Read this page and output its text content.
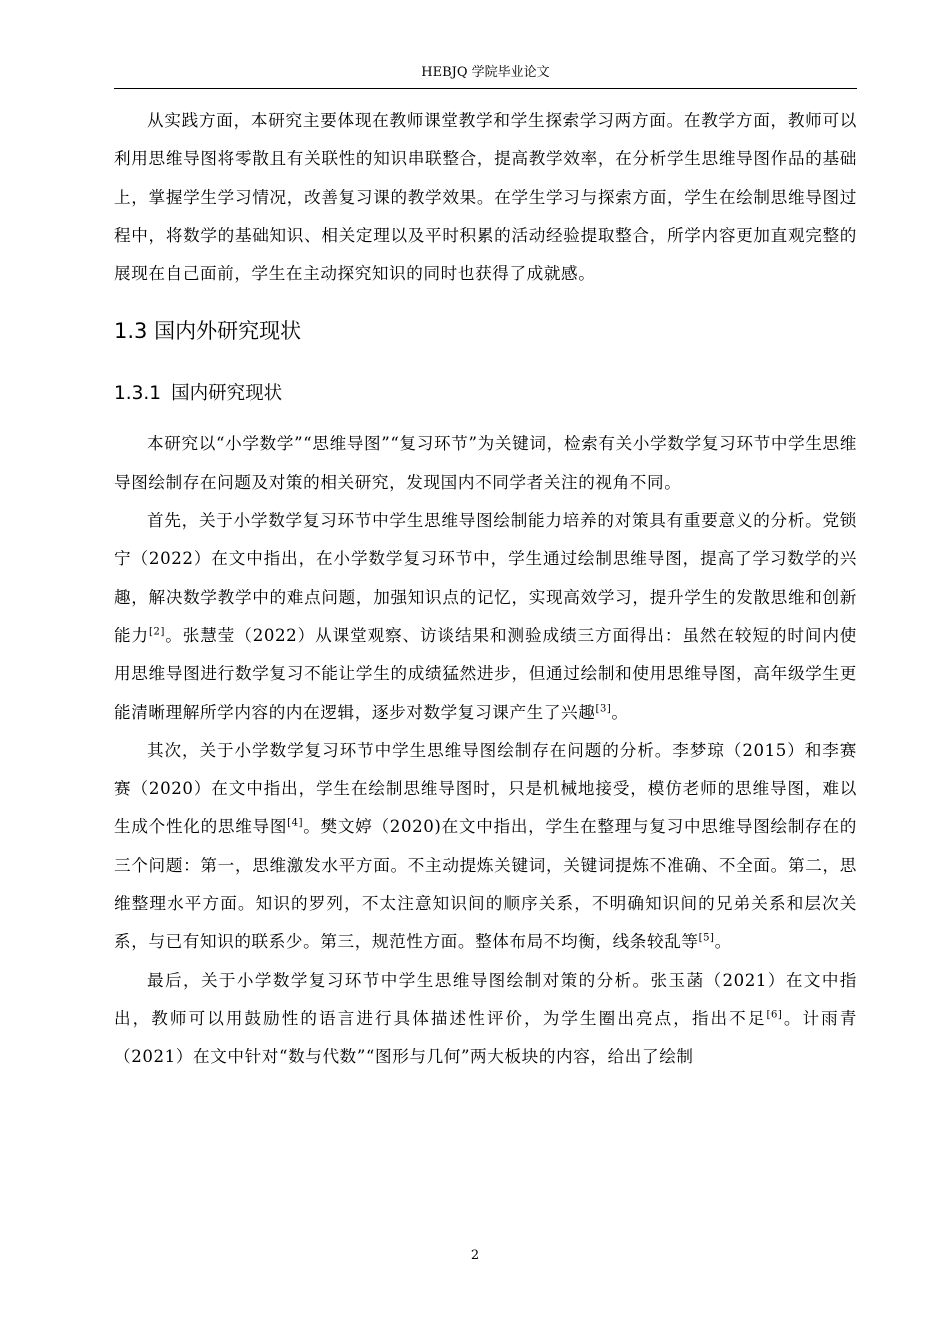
HEBJQ 学院毕业论文

从实践方面，本研究主要体现在教师课堂教学和学生探索学习两方面。在教学方面，教师可以利用思维导图将零散且有关联性的知识串联整合，提高教学效率，在分析学生思维导图作品的基础上，掌握学生学习情况，改善复习课的教学效果。在学生学习与探索方面，学生在绘制思维导图过程中，将数学的基础知识、相关定理以及平时积累的活动经验提取整合，所学内容更加直观完整的展现在自己面前，学生在主动探究知识的同时也获得了成就感。

1.3 国内外研究现状
1.3.1 国内研究现状

本研究以“小学数学”“思维导图”“复习环节”为关键词，检索有关小学数学复习环节中学生思维导图绘制存在问题及对策的相关研究，发现国内不同学者关注的视角不同。

首先，关于小学数学复习环节中学生思维导图绘制能力培养的对策具有重要意义的分析。党锁宁（2022）在文中指出，在小学数学复习环节中，学生通过绘制思维导图，提高了学习数学的兴趣，解决数学教学中的难点问题，加强知识点的记忆，实现高效学习，提升学生的发散思维和创新能力[2]。张慧莹（2022）从课堂观察、访谈结果和测验成绩三方面得出：虽然在较短的时间内使用思维导图进行数学复习不能让学生的成绩猛然进步，但通过绘制和使用思维导图，高年级学生更能清晰理解所学内容的内在逻辑，逐步对数学复习课产生了兴趣[3]。

其次，关于小学数学复习环节中学生思维导图绘制存在问题的分析。李梦琼（2015）和李赛赛（2020）在文中指出，学生在绘制思维导图时，只是机械地接受，模仿老师的思维导图，难以生成个性化的思维导图[4]。樊文婷（2020)在文中指出，学生在整理与复习中思维导图绘制存在的三个问题：第一，思维激发水平方面。不主动提炼关键词，关键词提炼不准确、不全面。第二，思维整理水平方面。知识的罗列，不太注意知识间的顺序关系，不明确知识间的兄弟关系和层次关系，与已有知识的联系少。第三，规范性方面。整体布局不均衡，线条较乱等[5]。

最后，关于小学数学复习环节中学生思维导图绘制对策的分析。张玉菡（2021）在文中指出，教师可以用鼓励性的语言进行具体描述性评价，为学生圈出亮点，指出不足[6]。计雨青（2021）在文中针对“数与代数”“图形与几何”两大板块的内容，给出了绘制

2
